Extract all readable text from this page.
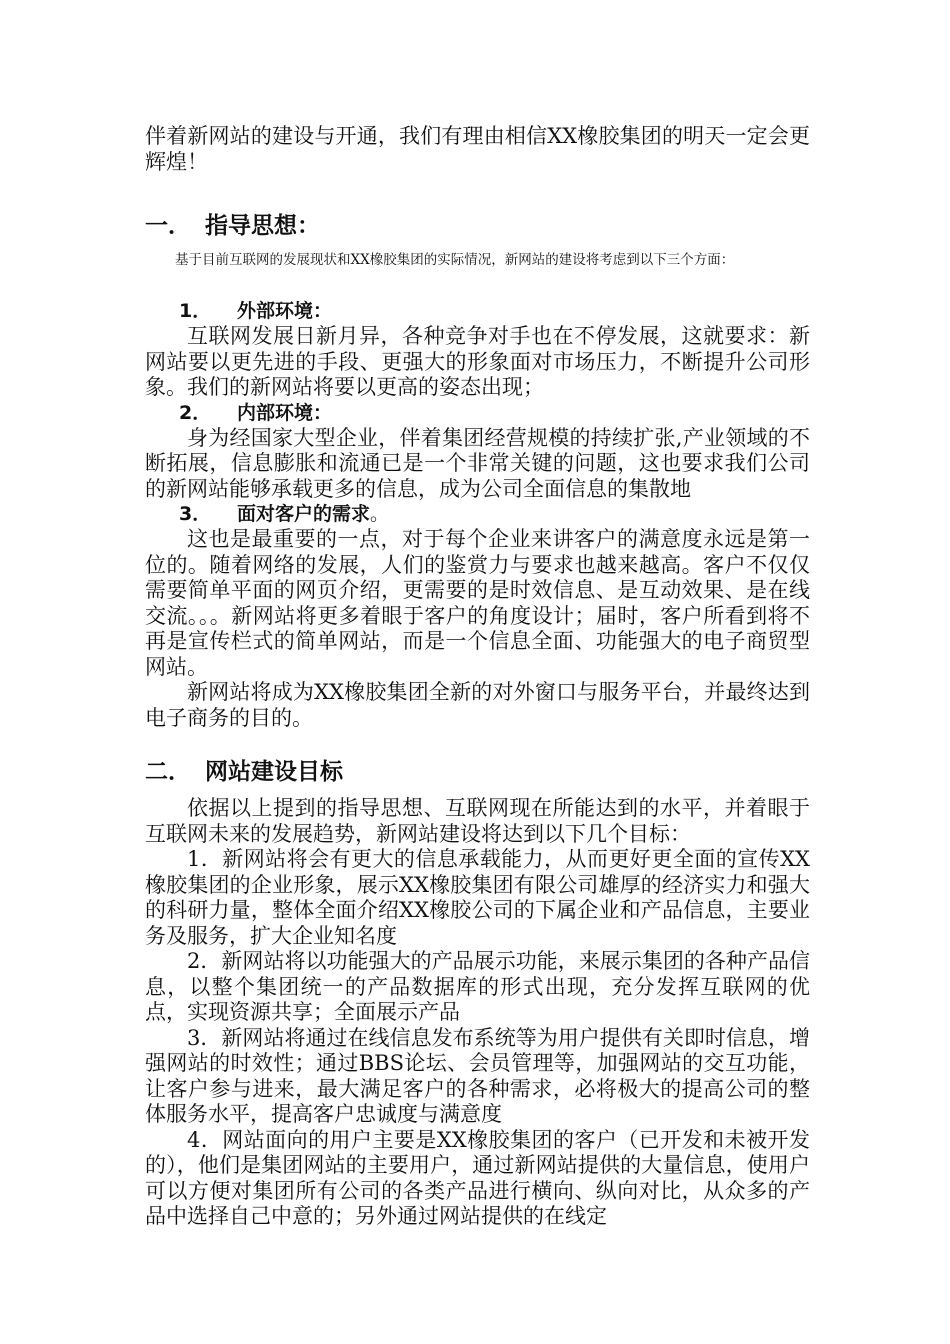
伴着新网站的建设与开通，我们有理由相信XX橡胶集团的明天一定会更辉煌！

一． 指导思想：

基于目前互联网的发展现状和XX橡胶集团的实际情况，新网站的建设将考虑到以下三个方面：

1． 外部环境：

互联网发展日新月异，各种竞争对手也在不停发展，这就要求：新网站要以更先进的手段、更强大的形象面对市场压力，不断提升公司形象。我们的新网站将要以更高的姿态出现；

2． 内部环境：

身为经国家大型企业，伴着集团经营规模的持续扩张,产业领域的不断拓展，信息膨胀和流通已是一个非常关键的问题，这也要求我们公司的新网站能够承载更多的信息，成为公司全面信息的集散地

3． 面对客户的需求。

这也是最重要的一点，对于每个企业来讲客户的满意度永远是第一位的。随着网络的发展，人们的鉴赏力与要求也越来越高。客户不仅仅需要简单平面的网页介绍，更需要的是时效信息、是互动效果、是在线交流。。。新网站将更多着眼于客户的角度设计；届时，客户所看到将不再是宣传栏式的简单网站，而是一个信息全面、功能强大的电子商贸型网站。

新网站将成为XX橡胶集团全新的对外窗口与服务平台，并最终达到电子商务的目的。

二． 网站建设目标

依据以上提到的指导思想、互联网现在所能达到的水平，并着眼于互联网未来的发展趋势，新网站建设将达到以下几个目标：

1．新网站将会有更大的信息承载能力，从而更好更全面的宣传XX橡胶集团的企业形象，展示XX橡胶集团有限公司雄厚的经济实力和强大的科研力量，整体全面介绍XX橡胶公司的下属企业和产品信息，主要业务及服务，扩大企业知名度

2．新网站将以功能强大的产品展示功能，来展示集团的各种产品信息，以整个集团统一的产品数据库的形式出现，充分发挥互联网的优点，实现资源共享；全面展示产品

3．新网站将通过在线信息发布系统等为用户提供有关即时信息，增强网站的时效性；通过BBS论坛、会员管理等，加强网站的交互功能，让客户参与进来，最大满足客户的各种需求，必将极大的提高公司的整体服务水平，提高客户忠诚度与满意度

4．网站面向的用户主要是XX橡胶集团的客户（已开发和未被开发的），他们是集团网站的主要用户，通过新网站提供的大量信息，使用户可以方便对集团所有公司的各类产品进行横向、纵向对比，从众多的产品中选择自己中意的；另外通过网站提供的在线定
